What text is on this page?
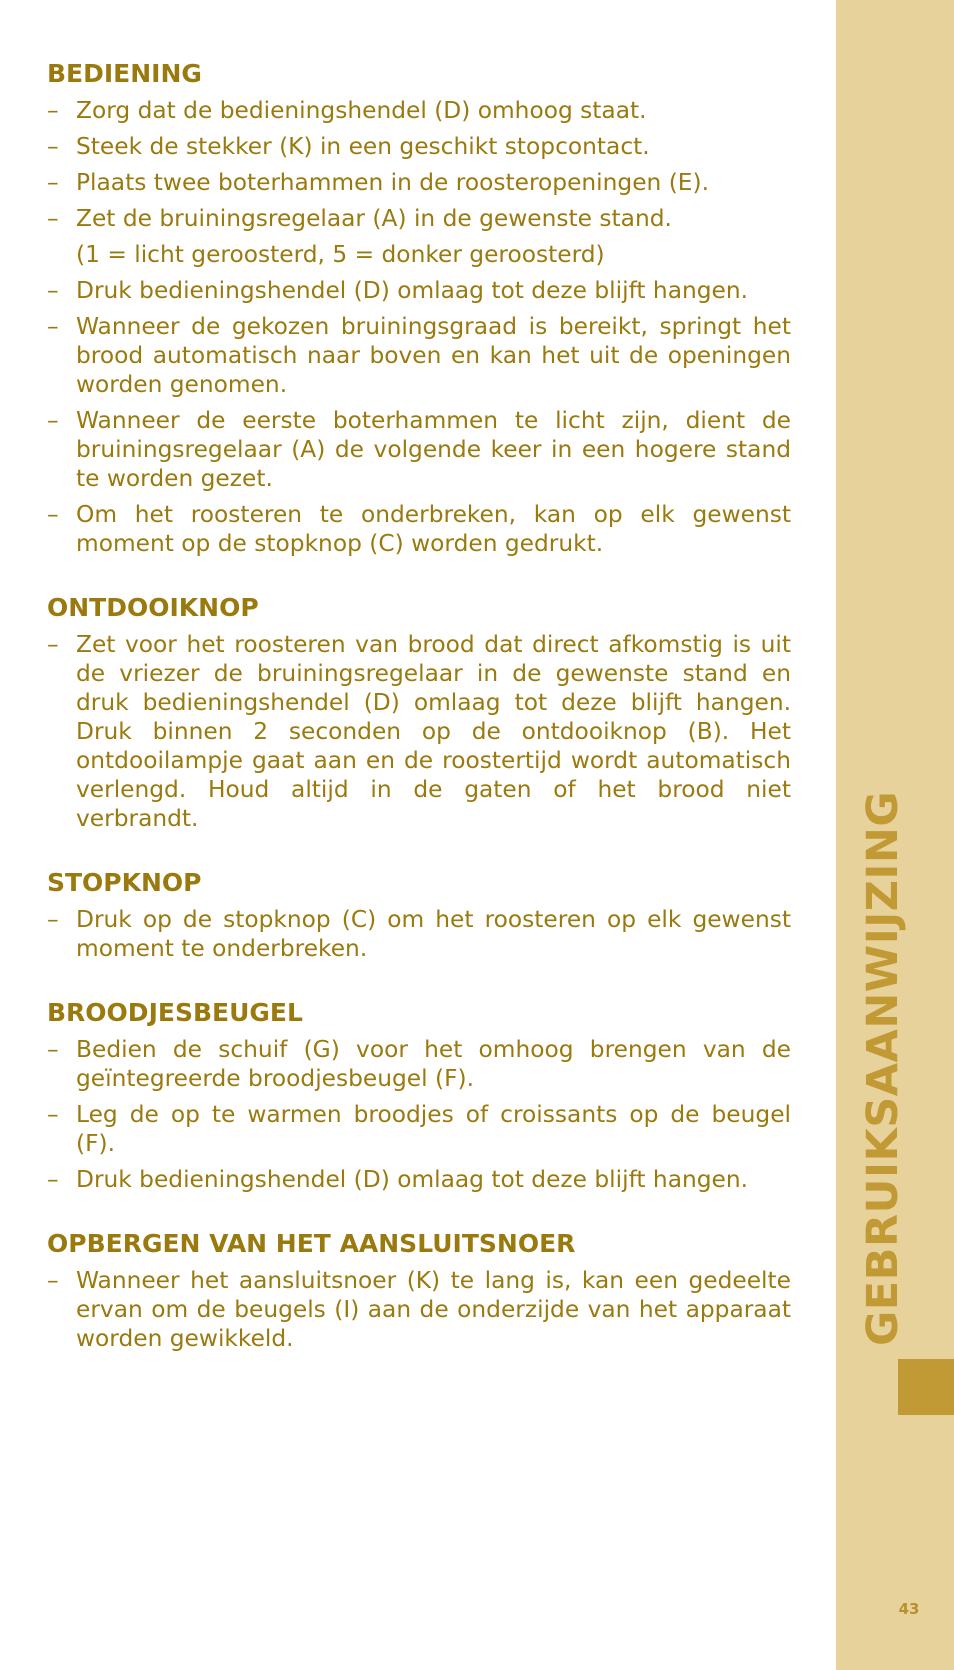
BEDIENING
– Zorg dat de bedieningshendel (D) omhoog staat.
– Steek de stekker (K) in een geschikt stopcontact.
– Plaats twee boterhammen in de roosteropeningen (E).
– Zet de bruiningsregelaar (A) in de gewenste stand.
(1 = licht geroosterd, 5 = donker geroosterd)
– Druk bedieningshendel (D) omlaag tot deze blijft hangen.
– Wanneer de gekozen bruiningsgraad is bereikt, springt het brood automatisch naar boven en kan het uit de openingen worden genomen.
– Wanneer de eerste boterhammen te licht zijn, dient de bruiningsregelaar (A) de volgende keer in een hogere stand te worden gezet.
– Om het roosteren te onderbreken, kan op elk gewenst moment op de stopknop (C) worden gedrukt.
ONTDOOIKNOP
– Zet voor het roosteren van brood dat direct afkomstig is uit de vriezer de bruiningsregelaar in de gewenste stand en druk bedieningshendel (D) omlaag tot deze blijft hangen. Druk binnen 2 seconden op de ontdooiknop (B). Het ontdooilampje gaat aan en de roostertijd wordt automatisch verlengd. Houd altijd in de gaten of het brood niet verbrandt.
STOPKNOP
– Druk op de stopknop (C) om het roosteren op elk gewenst moment te onderbreken.
BROODJESBEUGEL
– Bedien de schuif (G) voor het omhoog brengen van de geïntegreerde broodjesbeugel (F).
– Leg de op te warmen broodjes of croissants op de beugel (F).
– Druk bedieningshendel (D) omlaag tot deze blijft hangen.
OPBERGEN VAN HET AANSLUITSNOER
– Wanneer het aansluitsnoer (K) te lang is, kan een gedeelte ervan om de beugels (I) aan de onderzijde van het apparaat worden gewikkeld.	GEBRUIKSAANWIJZING
43
